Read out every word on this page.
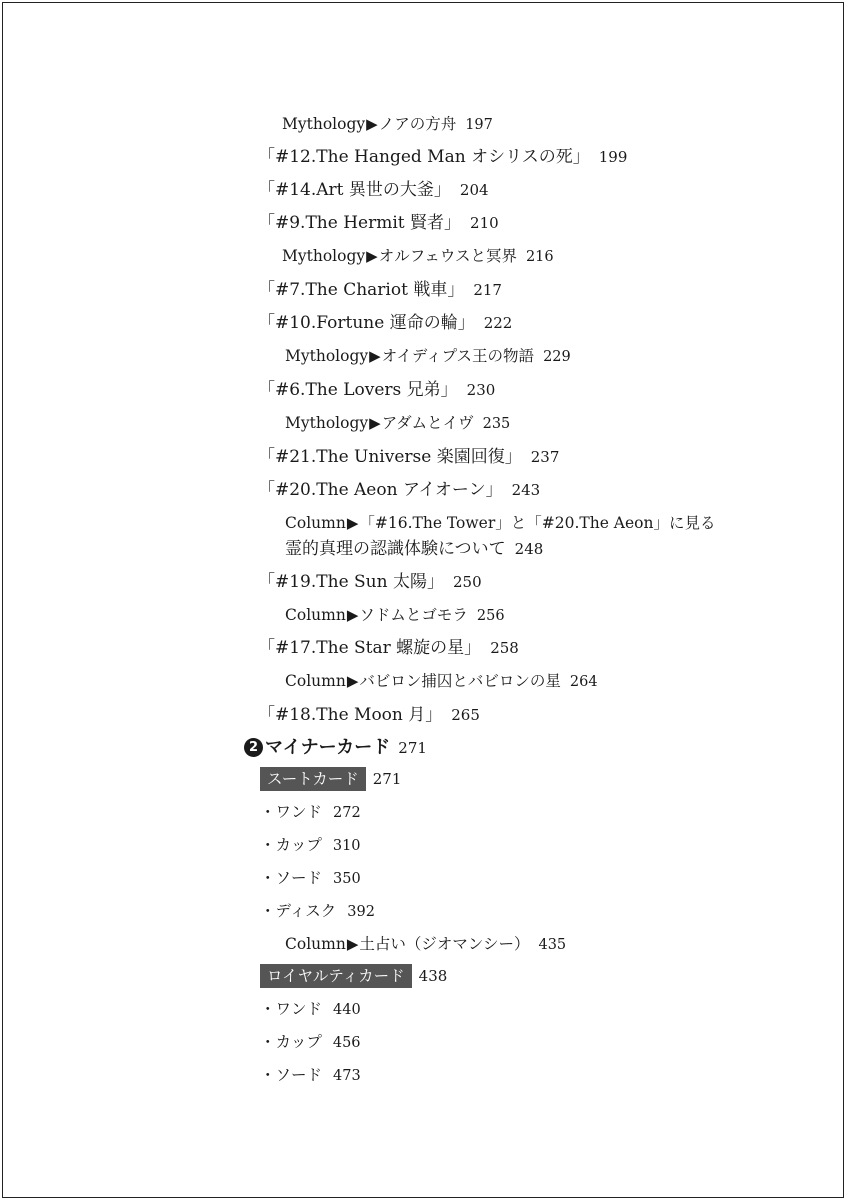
Mythology▶ノアの方舟 197
「#12.The Hanged Man オシリスの死」 199
「#14.Art 異世の大釜」 204
「#9.The Hermit 賢者」 210
Mythology▶オルフェウスと冥界 216
「#7.The Chariot 戦車」 217
「#10.Fortune 運命の輪」 222
Mythology▶オイディプス王の物語 229
「#6.The Lovers 兄弟」 230
Mythology▶アダムとイヴ 235
「#21.The Universe 楽園回復」 237
「#20.The Aeon アイオーン」 243
Column▶「#16.The Tower」と「#20.The Aeon」に見る
霊的真理の認識体験について 248
「#19.The Sun 太陽」 250
Column▶ソドムとゴモラ 256
「#17.The Star 螺旋の星」 258
Column▶バビロン捕囚とバビロンの星 264
「#18.The Moon 月」 265
2 マイナーカード 271
スートカード 271
・ワンド 272
・カップ 310
・ソード 350
・ディスク 392
Column▶土占い（ジオマンシー） 435
ロイヤルティカード 438
・ワンド 440
・カップ 456
・ソード 473
